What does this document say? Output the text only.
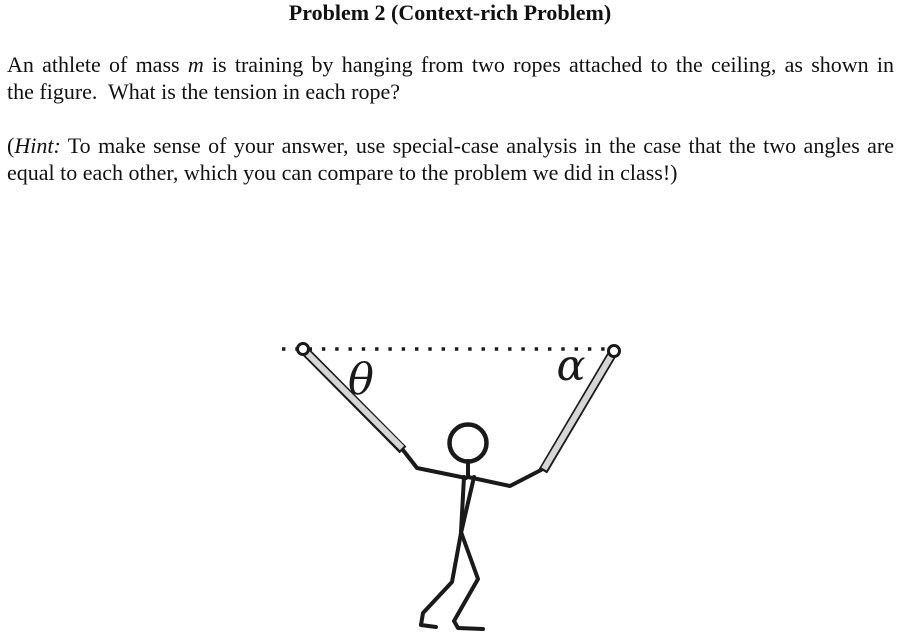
Problem 2 (Context-rich Problem)
An athlete of mass m is training by hanging from two ropes attached to the ceiling, as shown in
the figure.  What is the tension in each rope?
(Hint: To make sense of your answer, use special-case analysis in the case that the two angles are
equal to each other, which you can compare to the problem we did in class!)
θ	α
